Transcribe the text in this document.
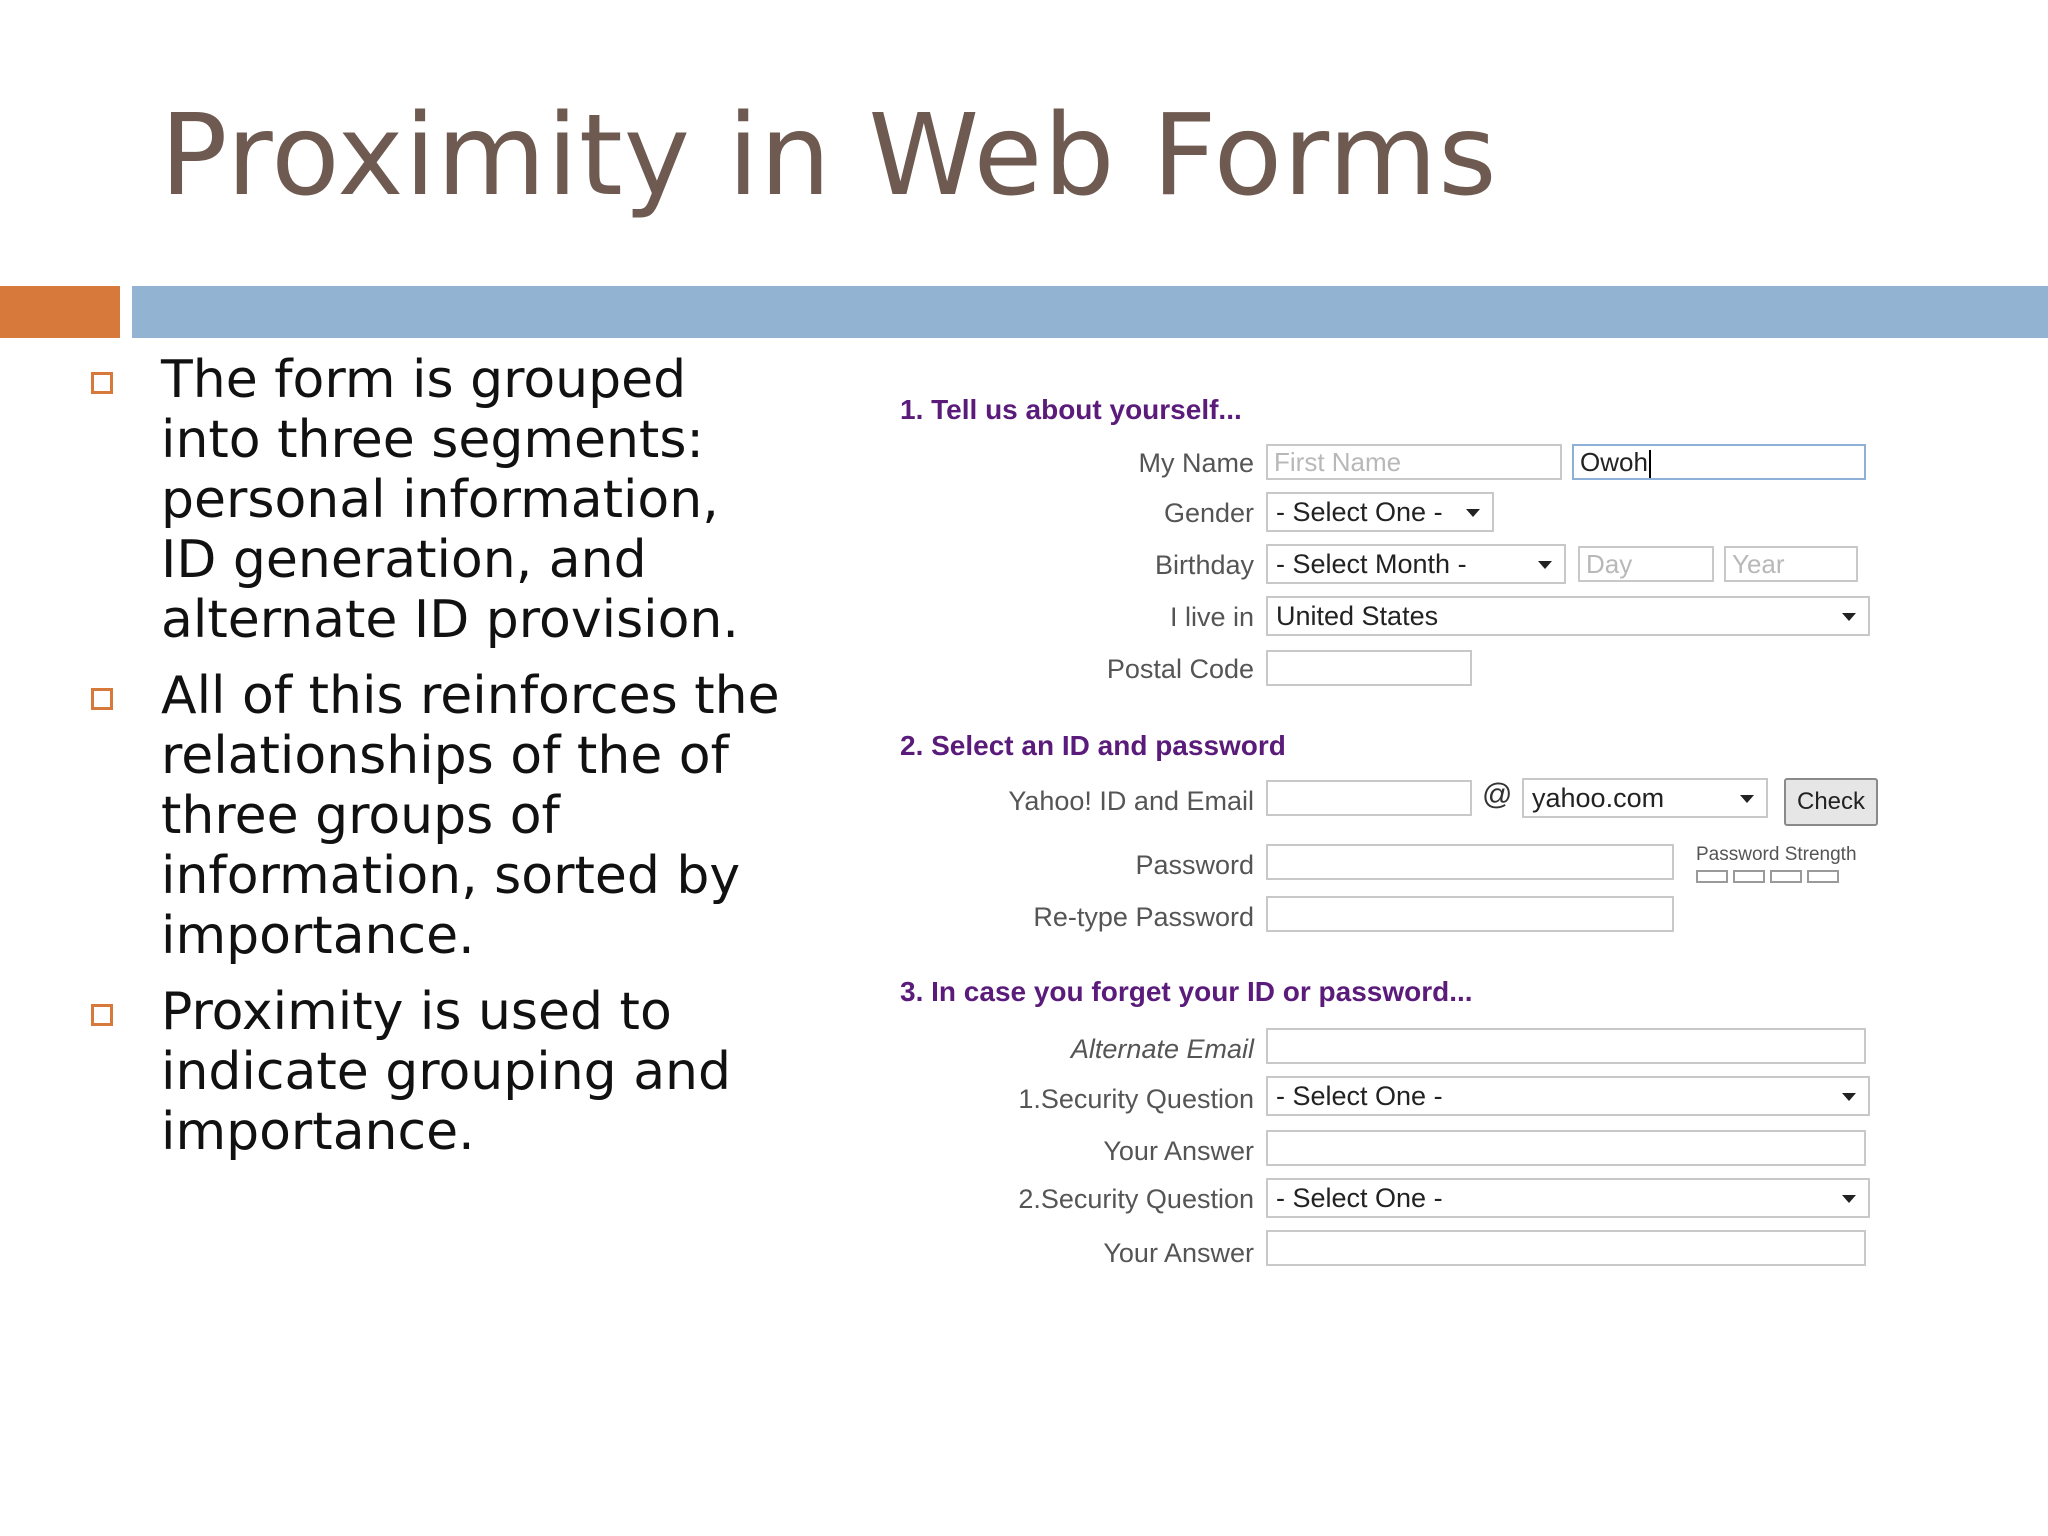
Proximity in Web Forms
The form is grouped into three segments: personal information, ID generation, and alternate ID provision.
All of this reinforces the relationships of the of three groups of information, sorted by importance.
Proximity is used to indicate grouping and importance.
1. Tell us about yourself...
My Name First Name	Owoh
Gender - Select One -
Birthday - Select Month -	Day	Year
I live in United States
Postal Code
2. Select an ID and password
Yahoo! ID and Email	@ yahoo.com	Check
Password	Password Strength
Re-type Password
3. In case you forget your ID or password...
Alternate Email
1.Security Question - Select One -
Your Answer
2.Security Question - Select One -
Your Answer
